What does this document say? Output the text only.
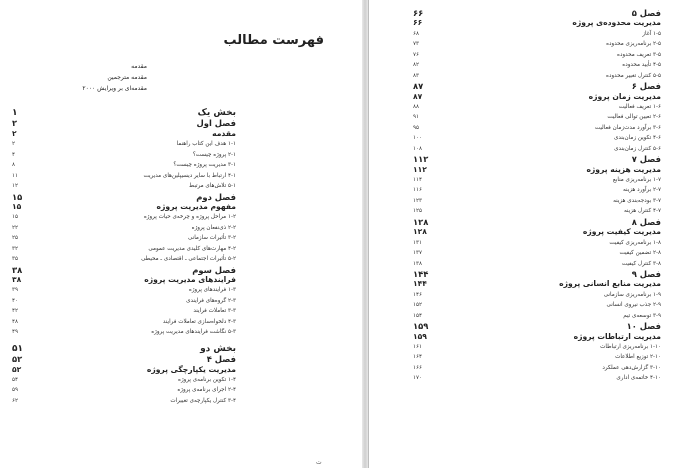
فهرست مطالب
مقدمه
مقدمه مترجمین
مقدمه‌ای بر ویرایش ۲۰۰۰
بخش یک
۱
فصل اول
۲
مقدمه
۲
۱-۱ هدف این کتاب راهنما
۲
۲-۱ پروژه چیست؟
۴
۳-۱ مدیریت پروژه چیست؟
۸
۴-۱ ارتباط با سایر دیسیپلین‌های مدیریت
۱۱
۵-۱ تلاش‌های مرتبط
۱۲
فصل دوم
۱۵
مفهوم مدیریت پروژه
۱۵
۱-۲ مراحل پروژه و چرخه‌ی حیات پروژه
۱۵
۲-۲ ذی‌نفعان پروژه
۲۲
۳-۲ تأثیرات سازمانی
۲۵
۴-۲ مهارت‌های کلیدی مدیریت عمومی
۳۲
۵-۲ تأثیرات اجتماعی ـ اقتصادی ـ محیطی
۳۵
فصل سوم
۳۸
فرایندهای مدیریت پروژه
۳۸
۱-۳ فرایندهای پروژه
۳۹
۲-۳ گروه‌های فرایندی
۴۰
۳-۳ تعاملات فرایند
۴۲
۴-۳ دلخواه‌سازی تعاملات فرایند
۴۸
۵-۳ نگاشت فرایندهای مدیریت پروژه
۴۹
بخش دو
۵۱
فصل ۴
۵۲
مدیریت یکپارچگی پروژه
۵۲
۱-۴ تکوین برنامه‌ی پروژه
۵۴
۲-۴ اجرای برنامه‌ی پروژه
۵۹
۳-۴ کنترل یکپارچه‌ی تغییرات
۶۲
ت
فصل ۵
۶۶
مدیریت محدوده‌ی پروژه
۶۶
۱-۵ آغاز
۶۸
۲-۵ برنامه‌ریزی محدوده
۷۳
۳-۵ تعریف محدوده
۷۶
۴-۵ تأیید محدوده
۸۲
۵-۵ کنترل تغییر محدوده
۸۳
فصل ۶
۸۷
مدیریت زمان پروژه
۸۷
۱-۶ تعریف فعالیت
۸۸
۲-۶ تعیین توالی فعالیت
۹۱
۳-۶ برآورد مدت‌زمان فعالیت
۹۵
۴-۶ تکوین زمان‌بندی
۱۰۰
۵-۶ کنترل زمان‌بندی
۱۰۸
فصل ۷
۱۱۲
مدیریت هزینه پروژه
۱۱۲
۱-۷ برنامه‌ریزی منابع
۱۱۴
۲-۷ برآورد هزینه
۱۱۶
۳-۷ بودجه‌بندی هزینه
۱۲۳
۴-۷ کنترل هزینه
۱۲۵
فصل ۸
۱۲۸
مدیریت کیفیت پروژه
۱۲۸
۱-۸ برنامه‌ریزی کیفیت
۱۳۱
۲-۸ تضمین کیفیت
۱۳۷
۳-۸ کنترل کیفیت
۱۳۸
فصل ۹
۱۴۴
مدیریت منابع انسانی پروژه
۱۴۴
۱-۹ برنامه‌ریزی سازمانی
۱۴۶
۲-۹ جذب نیروی انسانی
۱۵۲
۳-۹ توسعه‌ی تیم
۱۵۴
فصل ۱۰
۱۵۹
مدیریت ارتباطات پروژه
۱۵۹
۱-۱۰ برنامه‌ریزی ارتباطات
۱۶۱
۲-۱۰ توزیع اطلاعات
۱۶۴
۳-۱۰ گزارش‌دهی عملکرد
۱۶۶
۴-۱۰ خاتمه‌ی اداری
۱۷۰
